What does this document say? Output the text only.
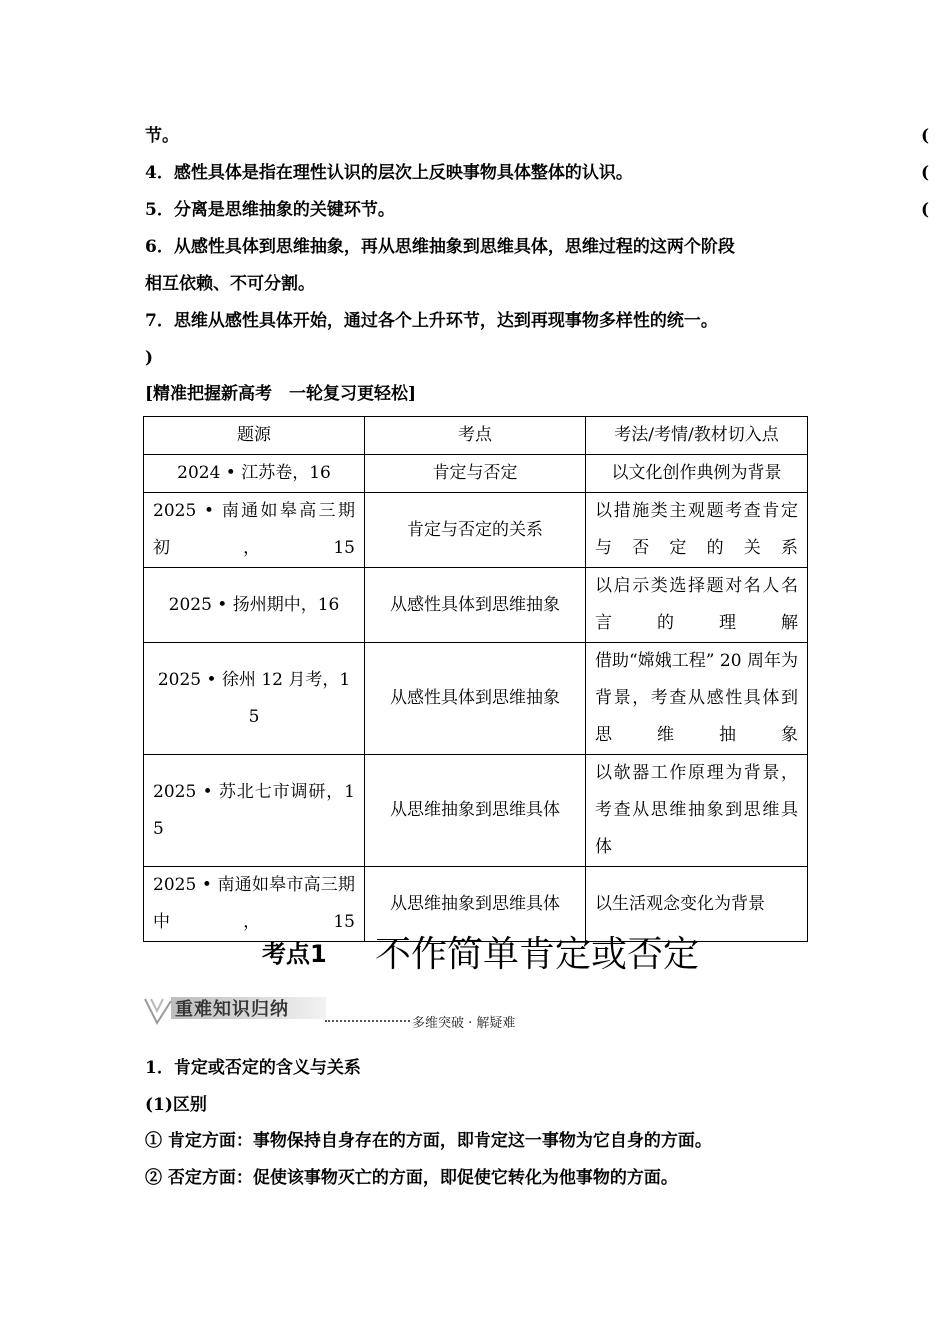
节。	(
4．感性具体是指在理性认识的层次上反映事物具体整体的认识。	(
5．分离是思维抽象的关键环节。	(
6．从感性具体到思维抽象，再从思维抽象到思维具体，思维过程的这两个阶段
相互依赖、不可分割。
7．思维从感性具体开始，通过各个上升环节，达到再现事物多样性的统一。
)
[精准把握新高考　一轮复习更轻松]
题源	考点	考法/考情/教材切入点
2024 • 江苏卷，16	肯定与否定	以文化创作典例为背景
2025 • 南通如皋高三期初，15	肯定与否定的关系	以措施类主观题考查肯定与否定的关系
2025 • 扬州期中，16	从感性具体到思维抽象	以启示类选择题对名人名言的理解
2025 • 徐州 12 月考，15	从感性具体到思维抽象	借助“嫦娥工程” 20 周年为背景，考查从感性具体到思维抽象
2025 • 苏北七市调研，15	从思维抽象到思维具体	以欹器工作原理为背景，考查从思维抽象到思维具体
2025 • 南通如皋市高三期中，15	从思维抽象到思维具体	以生活观念变化为背景
考点1 不作简单肯定或否定
重难知识归纳
多维突破 · 解疑难
1．肯定或否定的含义与关系
(1)区别
① 肯定方面：事物保持自身存在的方面，即肯定这一事物为它自身的方面。
② 否定方面：促使该事物灭亡的方面，即促使它转化为他事物的方面。
